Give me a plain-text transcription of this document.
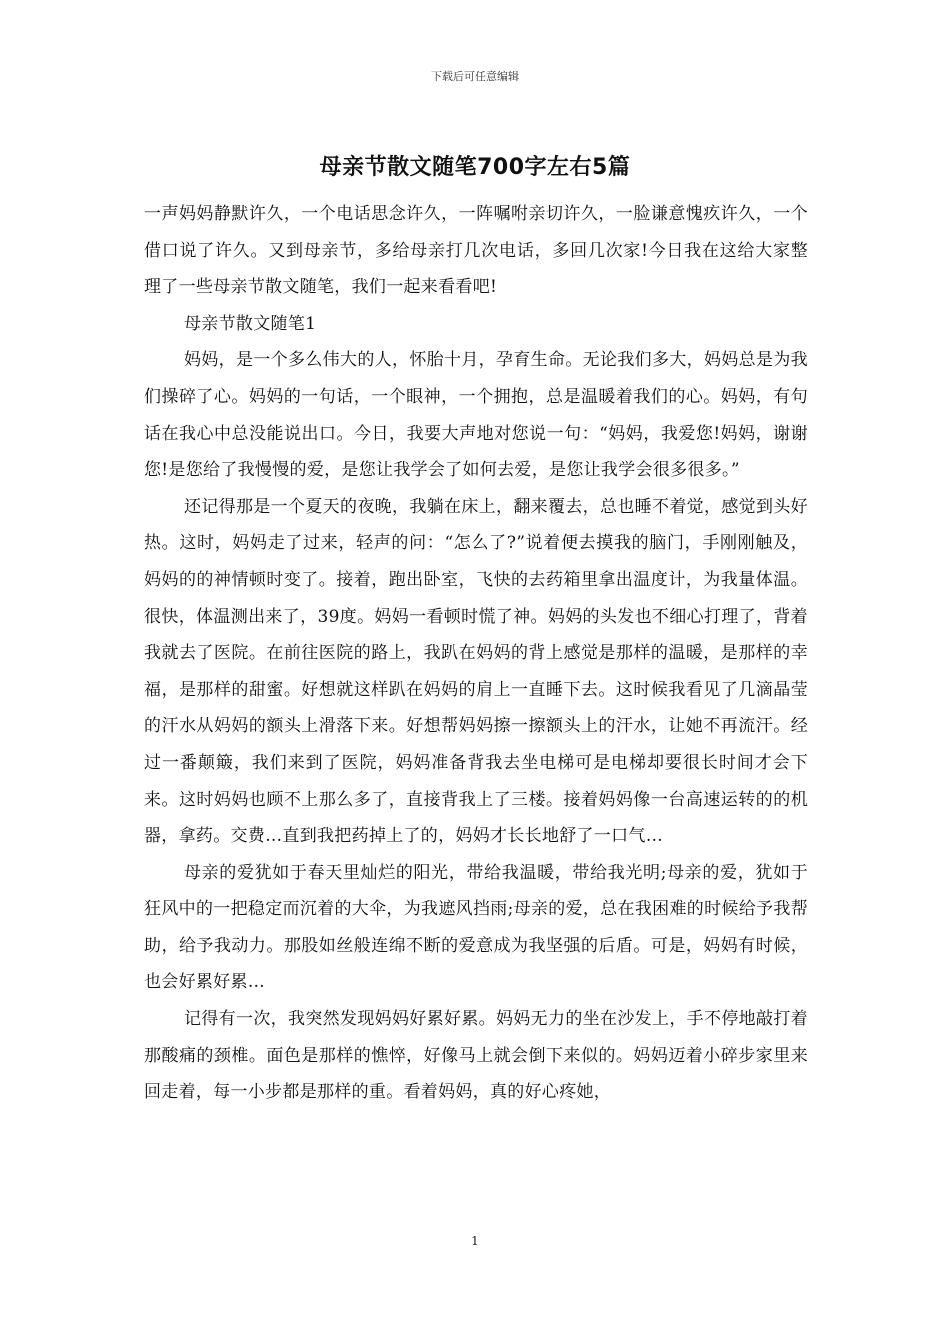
下载后可任意编辑
母亲节散文随笔700字左右5篇

一声妈妈静默许久，一个电话思念许久，一阵嘱咐亲切许久，一脸谦意愧疚许久，一个借口说了许久。又到母亲节，多给母亲打几次电话，多回几次家!今日我在这给大家整理了一些母亲节散文随笔，我们一起来看看吧!

母亲节散文随笔1

妈妈，是一个多么伟大的人，怀胎十月，孕育生命。无论我们多大，妈妈总是为我们操碎了心。妈妈的一句话，一个眼神，一个拥抱，总是温暖着我们的心。妈妈，有句话在我心中总没能说出口。今日，我要大声地对您说一句：“妈妈，我爱您!妈妈，谢谢您!是您给了我慢慢的爱，是您让我学会了如何去爱，是您让我学会很多很多。”

还记得那是一个夏天的夜晚，我躺在床上，翻来覆去，总也睡不着觉，感觉到头好热。这时，妈妈走了过来，轻声的问：“怎么了?”说着便去摸我的脑门，手刚刚触及，妈妈的的神情顿时变了。接着，跑出卧室，飞快的去药箱里拿出温度计，为我量体温。很快，体温测出来了，39度。妈妈一看顿时慌了神。妈妈的头发也不细心打理了，背着我就去了医院。在前往医院的路上，我趴在妈妈的背上感觉是那样的温暖，是那样的幸福，是那样的甜蜜。好想就这样趴在妈妈的肩上一直睡下去。这时候我看见了几滴晶莹的汗水从妈妈的额头上滑落下来。好想帮妈妈擦一擦额头上的汗水，让她不再流汗。经过一番颠簸，我们来到了医院，妈妈准备背我去坐电梯可是电梯却要很长时间才会下来。这时妈妈也顾不上那么多了，直接背我上了三楼。接着妈妈像一台高速运转的的机器，拿药。交费…直到我把药掉上了的，妈妈才长长地舒了一口气…

母亲的爱犹如于春天里灿烂的阳光，带给我温暖，带给我光明;母亲的爱，犹如于狂风中的一把稳定而沉着的大伞，为我遮风挡雨;母亲的爱，总在我困难的时候给予我帮助，给予我动力。那股如丝般连绵不断的爱意成为我坚强的后盾。可是，妈妈有时候，也会好累好累…

记得有一次，我突然发现妈妈好累好累。妈妈无力的坐在沙发上，手不停地敲打着那酸痛的颈椎。面色是那样的憔悴，好像马上就会倒下来似的。妈妈迈着小碎步家里来回走着，每一小步都是那样的重。看着妈妈，真的好心疼她，

1
